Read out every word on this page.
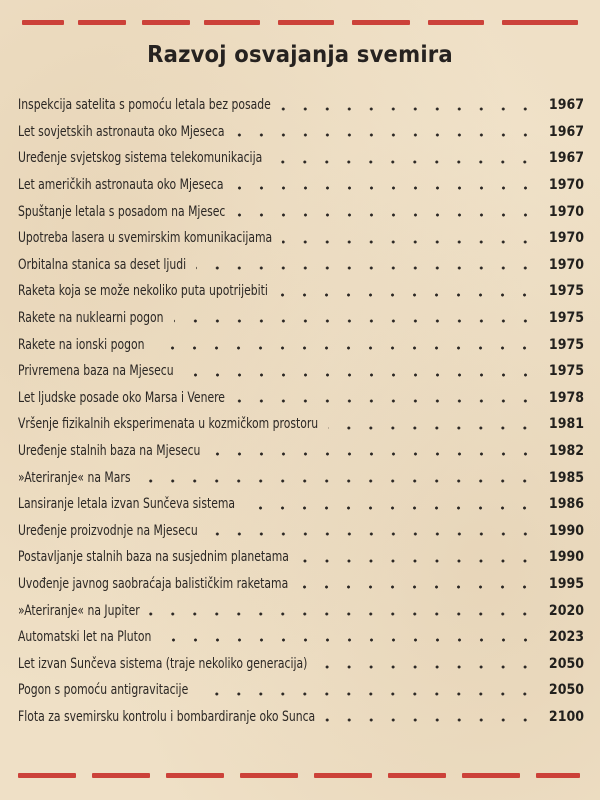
Razvoj osvajanja svemira
Inspekcija satelita s pomoću letala bez posade	1967
Let sovjetskih astronauta oko Mjeseca	1967
Uređenje svjetskog sistema telekomunikacija	1967
Let američkih astronauta oko Mjeseca	1970
Spuštanje letala s posadom na Mjesec	1970
Upotreba lasera u svemirskim komunikacijama	1970
Orbitalna stanica sa deset ljudi	1970
Raketa koja se može nekoliko puta upotrijebiti	1975
Rakete na nuklearni pogon	1975
Rakete na ionski pogon	1975
Privremena baza na Mjesecu	1975
Let ljudske posade oko Marsa i Venere	1978
Vršenje fizikalnih eksperimenata u kozmičkom prostoru	1981
Uređenje stalnih baza na Mjesecu	1982
»Ateriranje« na Mars	1985
Lansiranje letala izvan Sunčeva sistema	1986
Uređenje proizvodnje na Mjesecu	1990
Postavljanje stalnih baza na susjednim planetama	1990
Uvođenje javnog saobraćaja balističkim raketama	1995
»Ateriranje« na Jupiter	2020
Automatski let na Pluton	2023
Let izvan Sunčeva sistema (traje nekoliko generacija)	2050
Pogon s pomoću antigravitacije	2050
Flota za svemirsku kontrolu i bombardiranje oko Sunca	2100
